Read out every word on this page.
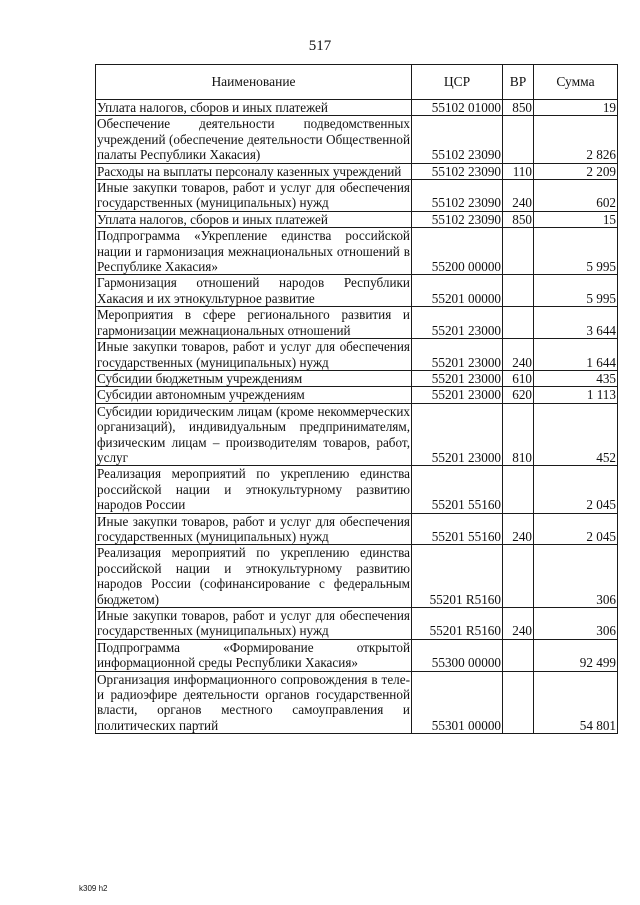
517
Наименование	ЦСР	ВР	Сумма
Уплата налогов, сборов и иных платежей	55102 01000	850	19
Обеспечение деятельности подведомственных учреждений (обеспечение деятельности Общественной палаты Республики Хакасия)	55102 23090		2 826
Расходы на выплаты персоналу казенных учреждений	55102 23090	110	2 209
Иные закупки товаров, работ и услуг для обеспечения государственных (муниципальных) нужд	55102 23090	240	602
Уплата налогов, сборов и иных платежей	55102 23090	850	15
Подпрограмма «Укрепление единства российской нации и гармонизация межнациональных отношений в Республике Хакасия»	55200 00000		5 995
Гармонизация отношений народов Республики Хакасия и их этнокультурное развитие	55201 00000		5 995
Мероприятия в сфере регионального развития и гармонизации межнациональных отношений	55201 23000		3 644
Иные закупки товаров, работ и услуг для обеспечения государственных (муниципальных) нужд	55201 23000	240	1 644
Субсидии бюджетным учреждениям	55201 23000	610	435
Субсидии автономным учреждениям	55201 23000	620	1 113
Субсидии юридическим лицам (кроме некоммерческих организаций), индивидуальным предпринимателям, физическим лицам – производителям товаров, работ, услуг	55201 23000	810	452
Реализация мероприятий по укреплению единства российской нации и этнокультурному развитию народов России	55201 55160		2 045
Иные закупки товаров, работ и услуг для обеспечения государственных (муниципальных) нужд	55201 55160	240	2 045
Реализация мероприятий по укреплению единства российской нации и этнокультурному развитию народов России (софинансирование с федеральным бюджетом)	55201 R5160		306
Иные закупки товаров, работ и услуг для обеспечения государственных (муниципальных) нужд	55201 R5160	240	306
Подпрограмма «Формирование открытой информационной среды Республики Хакасия»	55300 00000		92 499
Организация информационного сопровождения в теле- и радиоэфире деятельности органов государственной власти, органов местного самоуправления и политических партий	55301 00000		54 801
k309 h2
